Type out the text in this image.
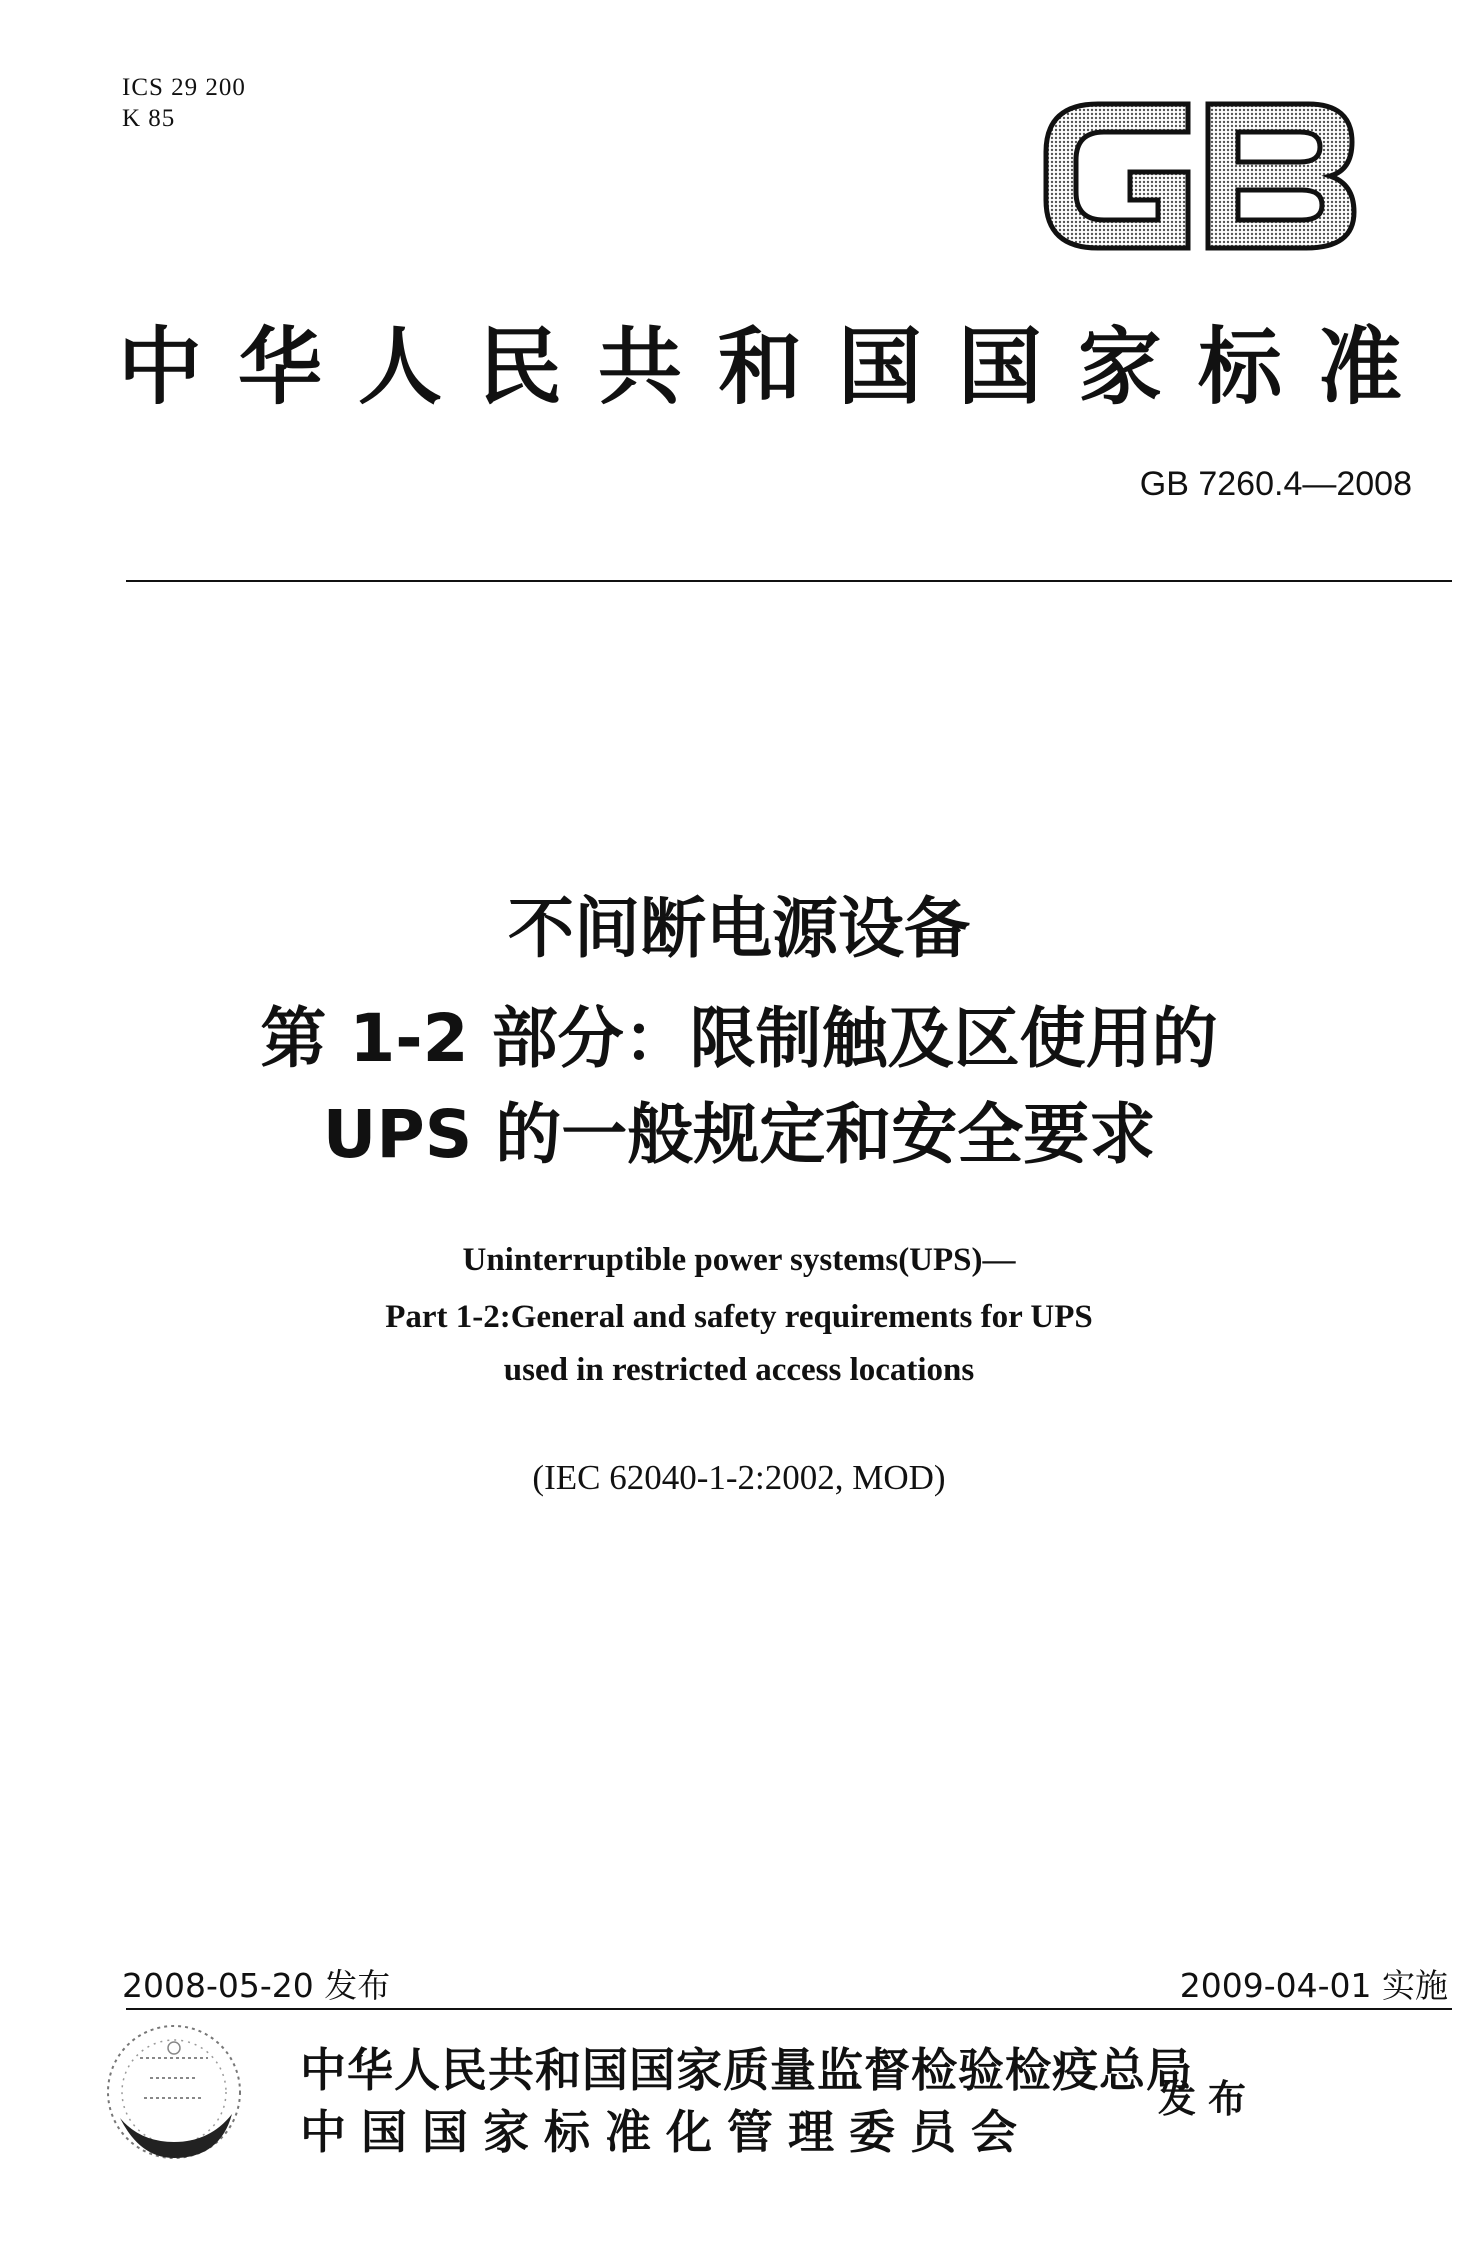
ICS 29 200
K 85
中华人民共和国国家标准
GB 7260.4—2008
不间断电源设备
第 1-2 部分：限制触及区使用的
UPS 的一般规定和安全要求
Uninterruptible power systems(UPS)—
Part 1-2:General and safety requirements for UPS
used in restricted access locations
(IEC 62040-1-2:2002, MOD)
2008-05-20 发布	2009-04-01 实施
中华人民共和国国家质量监督检验检疫总局
中国国家标准化管理委员会
发布
